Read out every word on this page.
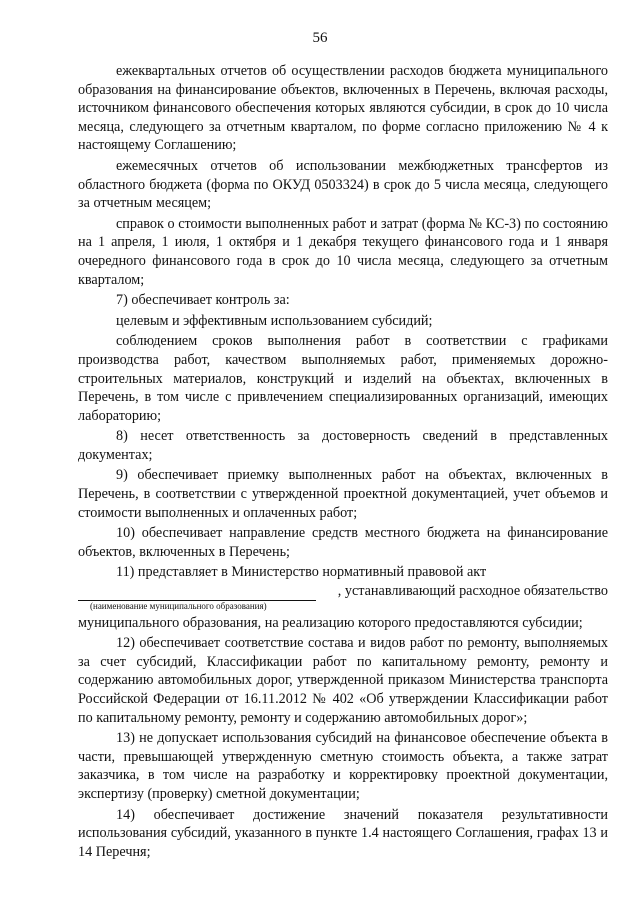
56

ежеквартальных отчетов об осуществлении расходов бюджета муниципального образования на финансирование объектов, включенных в Перечень, включая расходы, источником финансового обеспечения которых являются субсидии, в срок до 10 числа месяца, следующего за отчетным кварталом, по форме согласно приложению № 4 к настоящему Соглашению;

ежемесячных отчетов об использовании межбюджетных трансфертов из областного бюджета (форма по ОКУД 0503324) в срок до 5 числа месяца, следующего за отчетным месяцем;

справок о стоимости выполненных работ и затрат (форма № КС-3) по состоянию на 1 апреля, 1 июля, 1 октября и 1 декабря текущего финансового года и 1 января очередного финансового года в срок до 10 числа месяца, следующего за отчетным кварталом;

7) обеспечивает контроль за:

целевым и эффективным использованием субсидий;

соблюдением сроков выполнения работ в соответствии с графиками производства работ, качеством выполняемых работ, применяемых дорожно-строительных материалов, конструкций и изделий на объектах, включенных в Перечень, в том числе с привлечением специализированных организаций, имеющих лабораторию;

8) несет ответственность за достоверность сведений в представленных документах;

9) обеспечивает приемку выполненных работ на объектах, включенных в Перечень, в соответствии с утвержденной проектной документацией, учет объемов и стоимости выполненных и оплаченных работ;

10) обеспечивает направление средств местного бюджета на финансирование объектов, включенных в Перечень;

11) представляет в Министерство нормативный правовой акт

, устанавливающий расходное обязательство
(наименование муниципального образования)

муниципального образования, на реализацию которого предоставляются субсидии;

12) обеспечивает соответствие состава и видов работ по ремонту, выполняемых за счет субсидий, Классификации работ по капитальному ремонту, ремонту и содержанию автомобильных дорог, утвержденной приказом Министерства транспорта Российской Федерации от 16.11.2012 № 402 «Об утверждении Классификации работ по капитальному ремонту, ремонту и содержанию автомобильных дорог»;

13) не допускает использования субсидий на финансовое обеспечение объекта в части, превышающей утвержденную сметную стоимость объекта, а также затрат заказчика, в том числе на разработку и корректировку проектной документации, экспертизу (проверку) сметной документации;

14) обеспечивает достижение значений показателя результативности использования субсидий, указанного в пункте 1.4 настоящего Соглашения, графах 13 и 14 Перечня;
